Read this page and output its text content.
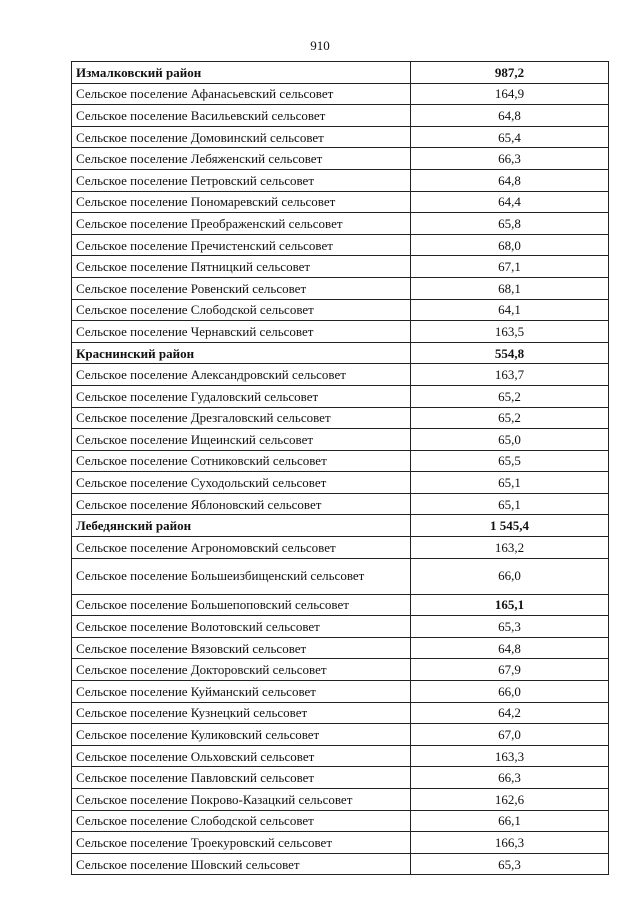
910
Измалковский район	987,2
Сельское поселение Афанасьевский сельсовет	164,9
Сельское поселение Васильевский сельсовет	64,8
Сельское поселение Домовинский сельсовет	65,4
Сельское поселение Лебяженский сельсовет	66,3
Сельское поселение Петровский сельсовет	64,8
Сельское поселение Пономаревский сельсовет	64,4
Сельское поселение Преображенский сельсовет	65,8
Сельское поселение Пречистенский сельсовет	68,0
Сельское поселение Пятницкий сельсовет	67,1
Сельское поселение Ровенский сельсовет	68,1
Сельское поселение Слободской сельсовет	64,1
Сельское поселение Чернавский сельсовет	163,5
Краснинский район	554,8
Сельское поселение Александровский сельсовет	163,7
Сельское поселение Гудаловский сельсовет	65,2
Сельское поселение Дрезгаловский сельсовет	65,2
Сельское поселение Ищеинский сельсовет	65,0
Сельское поселение Сотниковский сельсовет	65,5
Сельское поселение Суходольский сельсовет	65,1
Сельское поселение Яблоновский сельсовет	65,1
Лебедянский район	1 545,4
Сельское поселение Агрономовский сельсовет	163,2
Сельское поселение Большеизбищенский сельсовет	66,0
Сельское поселение Большепоповский сельсовет	165,1
Сельское поселение Волотовский сельсовет	65,3
Сельское поселение Вязовский сельсовет	64,8
Сельское поселение Докторовский сельсовет	67,9
Сельское поселение Куйманский сельсовет	66,0
Сельское поселение Кузнецкий сельсовет	64,2
Сельское поселение Куликовский сельсовет	67,0
Сельское поселение Ольховский сельсовет	163,3
Сельское поселение Павловский сельсовет	66,3
Сельское поселение Покрово-Казацкий сельсовет	162,6
Сельское поселение Слободской сельсовет	66,1
Сельское поселение Троекуровский сельсовет	166,3
Сельское поселение Шовский сельсовет	65,3
